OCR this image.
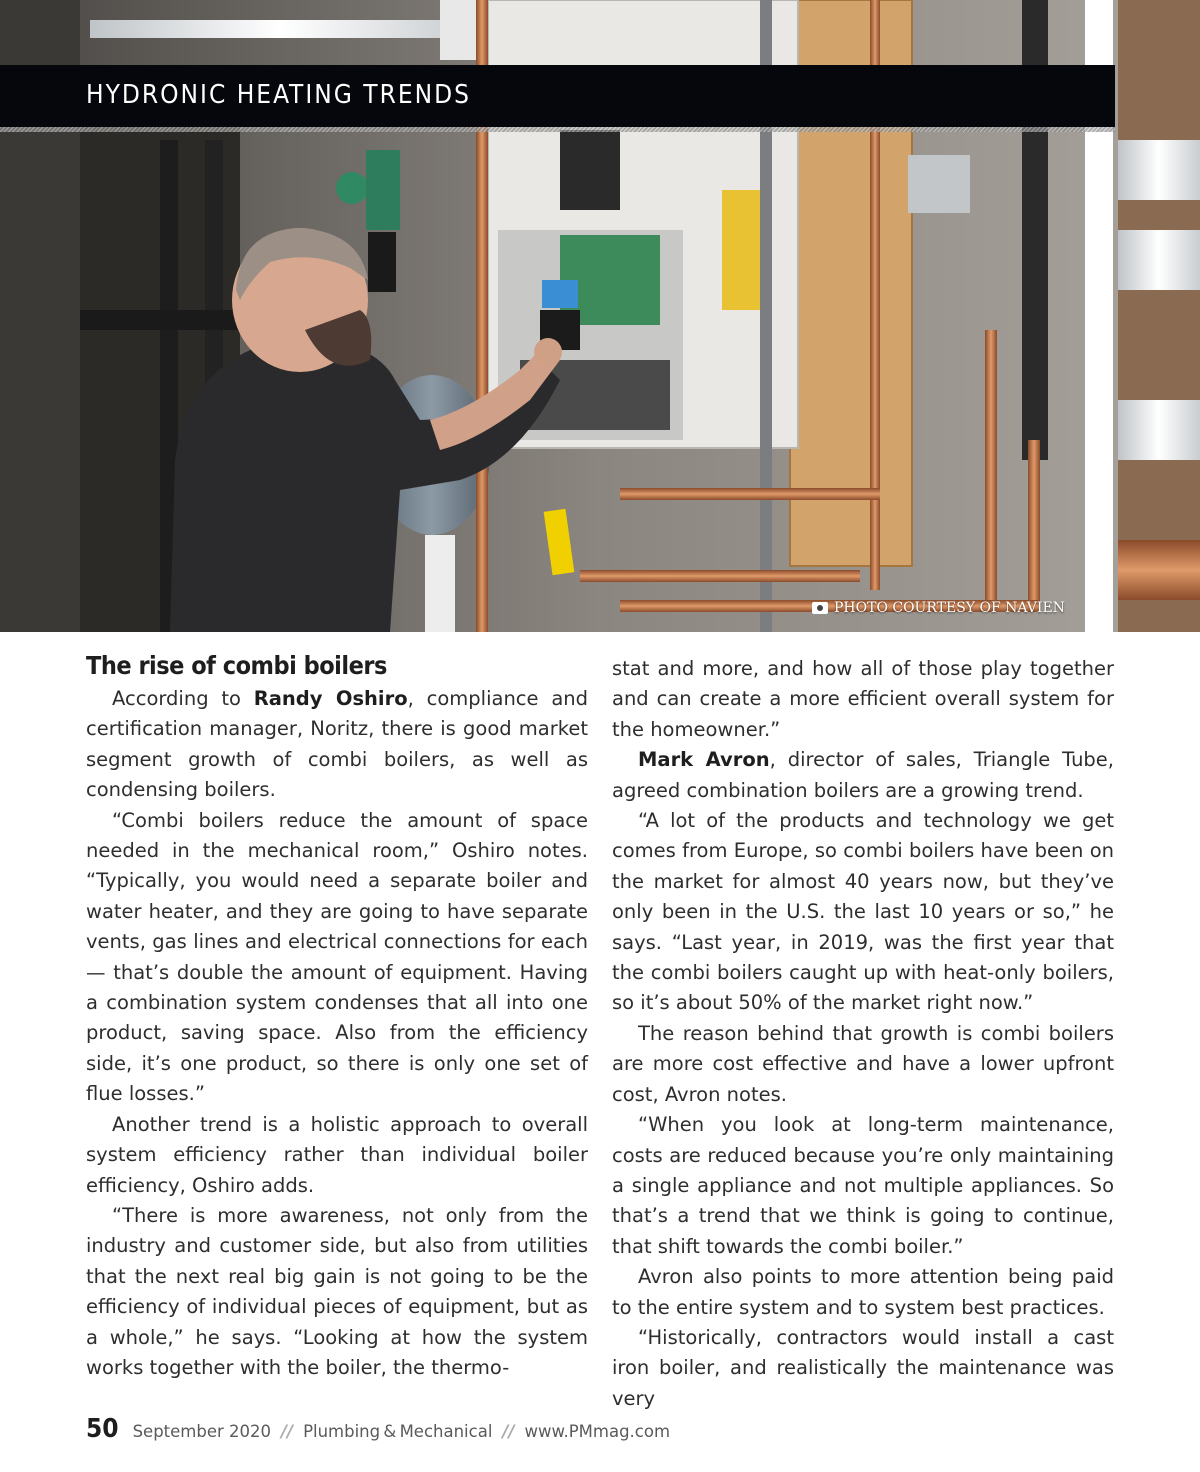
HYDRONIC HEATING TRENDS
PHOTO COURTESY OF NAVIEN

The rise of combi boilers

According to Randy Oshiro, compliance and certification manager, Noritz, there is good market segment growth of combi boilers, as well as condensing boilers.

“Combi boilers reduce the amount of space needed in the mechanical room,” Oshiro notes. “Typically, you would need a separate boiler and water heater, and they are going to have separate vents, gas lines and electrical connections for each — that’s double the amount of equipment. Having a combination system condenses that all into one product, saving space. Also from the efficiency side, it’s one product, so there is only one set of flue losses.”

Another trend is a holistic approach to overall system efficiency rather than individual boiler efficiency, Oshiro adds.

“There is more awareness, not only from the industry and customer side, but also from utilities that the next real big gain is not going to be the efficiency of individual pieces of equipment, but as a whole,” he says. “Looking at how the system works together with the boiler, the thermo-

stat and more, and how all of those play together and can create a more efficient overall system for the homeowner.”

Mark Avron, director of sales, Triangle Tube, agreed combination boilers are a growing trend.

“A lot of the products and technology we get comes from Europe, so combi boilers have been on the market for almost 40 years now, but they’ve only been in the U.S. the last 10 years or so,” he says. “Last year, in 2019, was the first year that the combi boilers caught up with heat-only boilers, so it’s about 50% of the market right now.”

The reason behind that growth is combi boilers are more cost effective and have a lower upfront cost, Avron notes.

“When you look at long-term maintenance, costs are reduced because you’re only maintaining a single appliance and not multiple appliances. So that’s a trend that we think is going to continue, that shift towards the combi boiler.”

Avron also points to more attention being paid to the entire system and to system best practices.

“Historically, contractors would install a cast iron boiler, and realistically the maintenance was very

50 September 2020 // Plumbing & Mechanical // www.PMmag.com
